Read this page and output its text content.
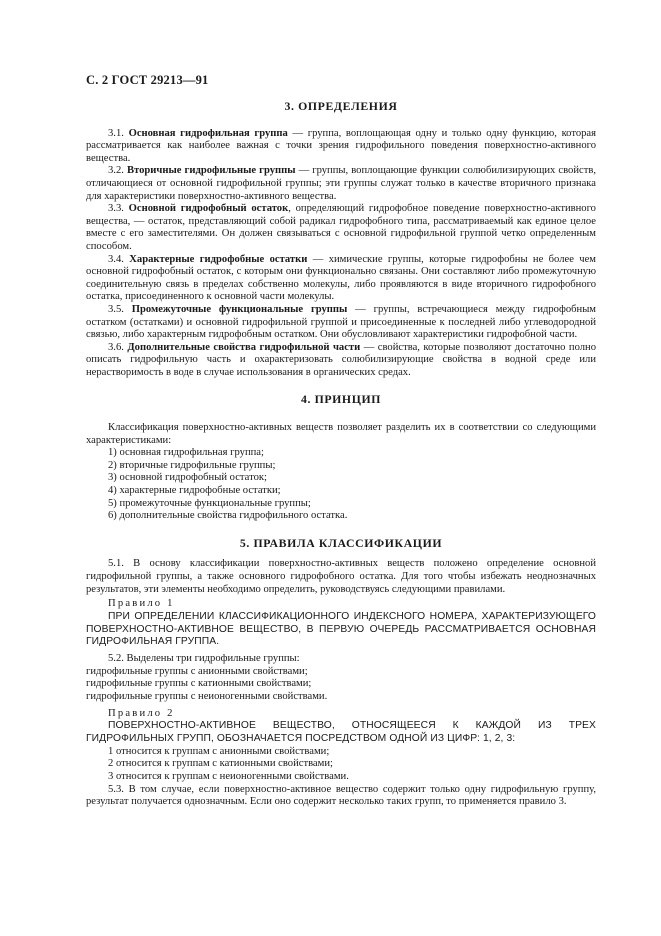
С. 2 ГОСТ 29213—91
3. ОПРЕДЕЛЕНИЯ

3.1. Основная гидрофильная группа — группа, воплощающая одну и только одну функцию, которая рассматривается как наиболее важная с точки зрения гидрофильного поведения поверхностно-активного вещества.

3.2. Вторичные гидрофильные группы — группы, воплощающие функции солюбилизирующих свойств, отличающиеся от основной гидрофильной группы; эти группы служат только в качестве вторичного признака для характеристики поверхностно-активного вещества.

3.3. Основной гидрофобный остаток, определяющий гидрофобное поведение поверхностно-активного вещества, — остаток, представляющий собой радикал гидрофобного типа, рассматриваемый как единое целое вместе с его заместителями. Он должен связываться с основной гидрофильной группой четко определенным способом.

3.4. Характерные гидрофобные остатки — химические группы, которые гидрофобны не более чем основной гидрофобный остаток, с которым они функционально связаны. Они составляют либо промежуточную соединительную связь в пределах собственно молекулы, либо проявляются в виде вторичного гидрофобного остатка, присоединенного к основной части молекулы.

3.5. Промежуточные функциональные группы — группы, встречающиеся между гидрофобным остатком (остатками) и основной гидрофильной группой и присоединенные к последней либо углеводородной связью, либо характерным гидрофобным остатком. Они обусловливают характеристики гидрофобной части.

3.6. Дополнительные свойства гидрофильной части — свойства, которые позволяют достаточно полно описать гидрофильную часть и охарактеризовать солюбилизирующие свойства в водной среде или нерастворимость в воде в случае использования в органических средах.

4. ПРИНЦИП

Классификация поверхностно-активных веществ позволяет разделить их в соответствии со следующими характеристиками:

1) основная гидрофильная группа;

2) вторичные гидрофильные группы;

3) основной гидрофобный остаток;

4) характерные гидрофобные остатки;

5) промежуточные функциональные группы;

6) дополнительные свойства гидрофильного остатка.

5. ПРАВИЛА КЛАССИФИКАЦИИ

5.1. В основу классификации поверхностно-активных веществ положено определение основной гидрофильной группы, а также основного гидрофобного остатка. Для того чтобы избежать неоднозначных результатов, эти элементы необходимо определить, руководствуясь следующими правилами.

Правило 1

ПРИ ОПРЕДЕЛЕНИИ КЛАССИФИКАЦИОННОГО ИНДЕКСНОГО НОМЕРА, ХАРАКТЕРИЗУЮЩЕГО ПОВЕРХНОСТНО-АКТИВНОЕ ВЕЩЕСТВО, В ПЕРВУЮ ОЧЕРЕДЬ РАССМАТРИВАЕТСЯ ОСНОВНАЯ ГИДРОФИЛЬНАЯ ГРУППА.

5.2. Выделены три гидрофильные группы:

гидрофильные группы с анионными свойствами;

гидрофильные группы с катионными свойствами;

гидрофильные группы с неионогенными свойствами.

Правило 2

ПОВЕРХНОСТНО-АКТИВНОЕ ВЕЩЕСТВО, ОТНОСЯЩЕЕСЯ К КАЖДОЙ ИЗ ТРЕХ ГИДРОФИЛЬНЫХ ГРУПП, ОБОЗНАЧАЕТСЯ ПОСРЕДСТВОМ ОДНОЙ ИЗ ЦИФР: 1, 2, 3:

1 относится к группам с анионными свойствами;

2 относится к группам с катионными свойствами;

3 относится к группам с неионогенными свойствами.

5.3. В том случае, если поверхностно-активное вещество содержит только одну гидрофильную группу, результат получается однозначным. Если оно содержит несколько таких групп, то применяется правило 3.
